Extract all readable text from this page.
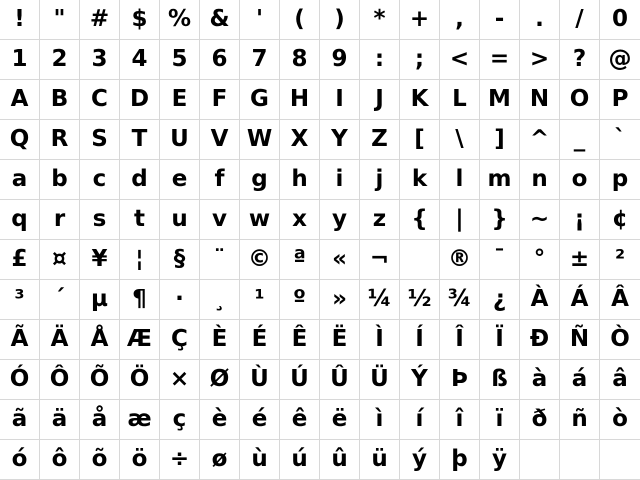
! " # $ % & ' ( ) * + , - . / 0
1 2 3 4 5 6 7 8 9 : ; < = > ? @
A B C D E F G H I J K L M N O P
Q R S T U V W X Y Z [ \ ] ^ _ `
a b c d e f g h i j k l m n o p
q r s t u v w x y z { | } ~ ¡ ¢
£ ¤ ¥ ¦ § ¨ © ª « ¬	® ¯ ° ± ²
³ ´ µ ¶ · ¸ ¹ º » ¼ ½ ¾ ¿ À Á Â
Ã Ä Å Æ Ç È É Ê Ë Ì Í Î Ï Ð Ñ Ò
Ó Ô Õ Ö × Ø Ù Ú Û Ü Ý Þ ß à á â
ã ä å æ ç è é ê ë ì í î ï ð ñ ò
ó ô õ ö ÷ ø ù ú û ü ý þ ÿ
